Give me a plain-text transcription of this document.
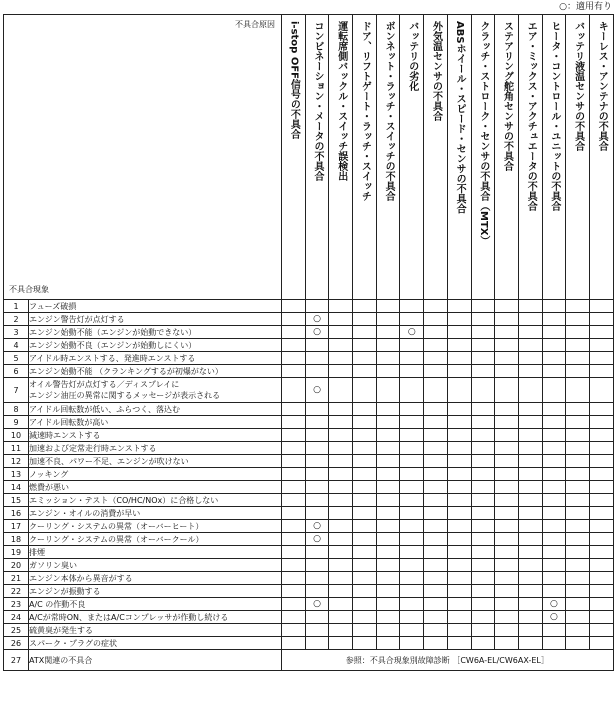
○：適用有り
不具合原因
不具合現象		i-stop OFF信号の不具合	コンビネーション・メータの不具合	運転席側バックル・スイッチ誤検出	ドア、リフトゲート・ラッチ・スイッチ	ボンネット・ラッチ・スイッチの不具合	バッテリの劣化	外気温センサの不具合	ABSホイール・スピード・センサの不具合	クラッチ・ストローク・センサの不具合（MTX）	ステアリング舵角センサの不具合	エア・ミックス・アクチュエータの不具合	ヒータ・コントロール・ユニットの不具合	バッテリ液温センサの不具合	キーレス・アンテナの不具合
1	フューズ破損														

2	エンジン警告灯が点灯する		○												
3	エンジン始動不能（エンジンが始動できない）		○				○								
4	エンジン始動不良（エンジンが始動しにくい）														

5	アイドル時エンストする、発進時エンストする														

6	エンジン始動不能 （クランキングするが初爆がない）														

7	オイル警告灯が点灯する／ディスプレイに
エンジン油圧の異常に関するメッセージが表示される		○												
8	アイドル回転数が低い、ふらつく、落込む														

9	アイドル回転数が高い														

10	減速時エンストする														

11	加速および定常走行時エンストする														

12	加速不良、パワー不足、エンジンが吹けない														

13	ノッキング														

14	燃費が悪い														

15	エミッション・テスト（CO/HC/NOx）に合格しない														

16	エンジン・オイルの消費が早い														

17	クーリング・システムの異常（オーバーヒート）		○												
18	クーリング・システムの異常（オーバークール）		○												
19	排煙														

20	ガソリン臭い														

21	エンジン本体から異音がする														

22	エンジンが振動する														

23	A/C の作動不良		○										○		
24	A/Cが常時ON、またはA/Cコンプレッサが作動し続ける												○		
25	硫黄臭が発生する														

26	スパーク・プラグの症状														

27	ATX関連の不具合	参照：不具合現象別故障診断 ［CW6A-EL/CW6AX-EL］													
